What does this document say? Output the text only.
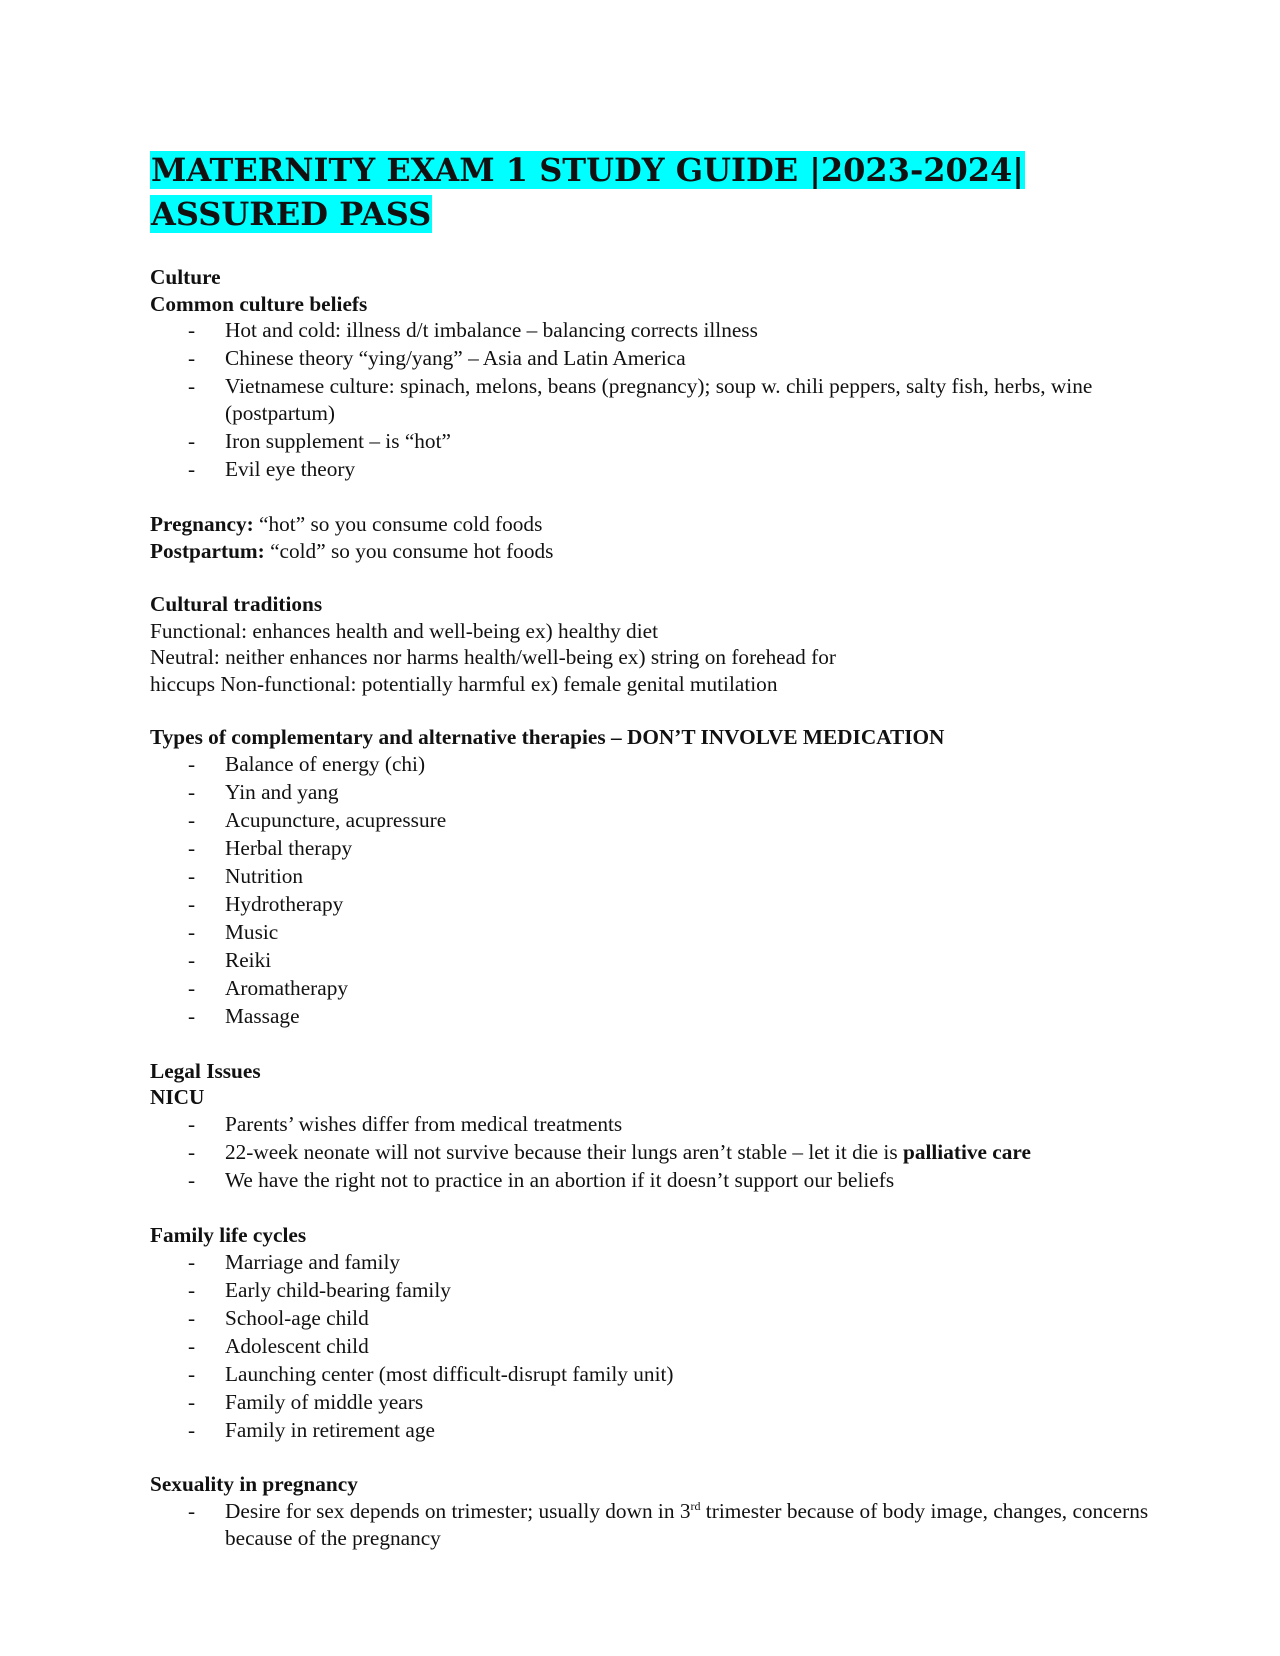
MATERNITY EXAM 1 STUDY GUIDE |2023-2024|
ASSURED PASS

Culture

Common culture beliefs

- Hot and cold: illness d/t imbalance – balancing corrects illness
- Chinese theory “ying/yang” – Asia and Latin America
- Vietnamese culture: spinach, melons, beans (pregnancy); soup w. chili peppers, salty fish, herbs, wine (postpartum)
- Iron supplement – is “hot”
- Evil eye theory

Pregnancy: “hot” so you consume cold foods

Postpartum: “cold” so you consume hot foods

Cultural traditions

Functional: enhances health and well-being ex) healthy diet

Neutral: neither enhances nor harms health/well-being ex) string on forehead for

hiccups Non-functional: potentially harmful ex) female genital mutilation

Types of complementary and alternative therapies – DON’T INVOLVE MEDICATION

- Balance of energy (chi)
- Yin and yang
- Acupuncture, acupressure
- Herbal therapy
- Nutrition
- Hydrotherapy
- Music
- Reiki
- Aromatherapy
- Massage

Legal Issues

NICU

- Parents’ wishes differ from medical treatments
- 22-week neonate will not survive because their lungs aren’t stable – let it die is palliative care
- We have the right not to practice in an abortion if it doesn’t support our beliefs

Family life cycles

- Marriage and family
- Early child-bearing family
- School-age child
- Adolescent child
- Launching center (most difficult-disrupt family unit)
- Family of middle years
- Family in retirement age

Sexuality in pregnancy

- Desire for sex depends on trimester; usually down in 3rd trimester because of body image, changes, concerns because of the pregnancy
